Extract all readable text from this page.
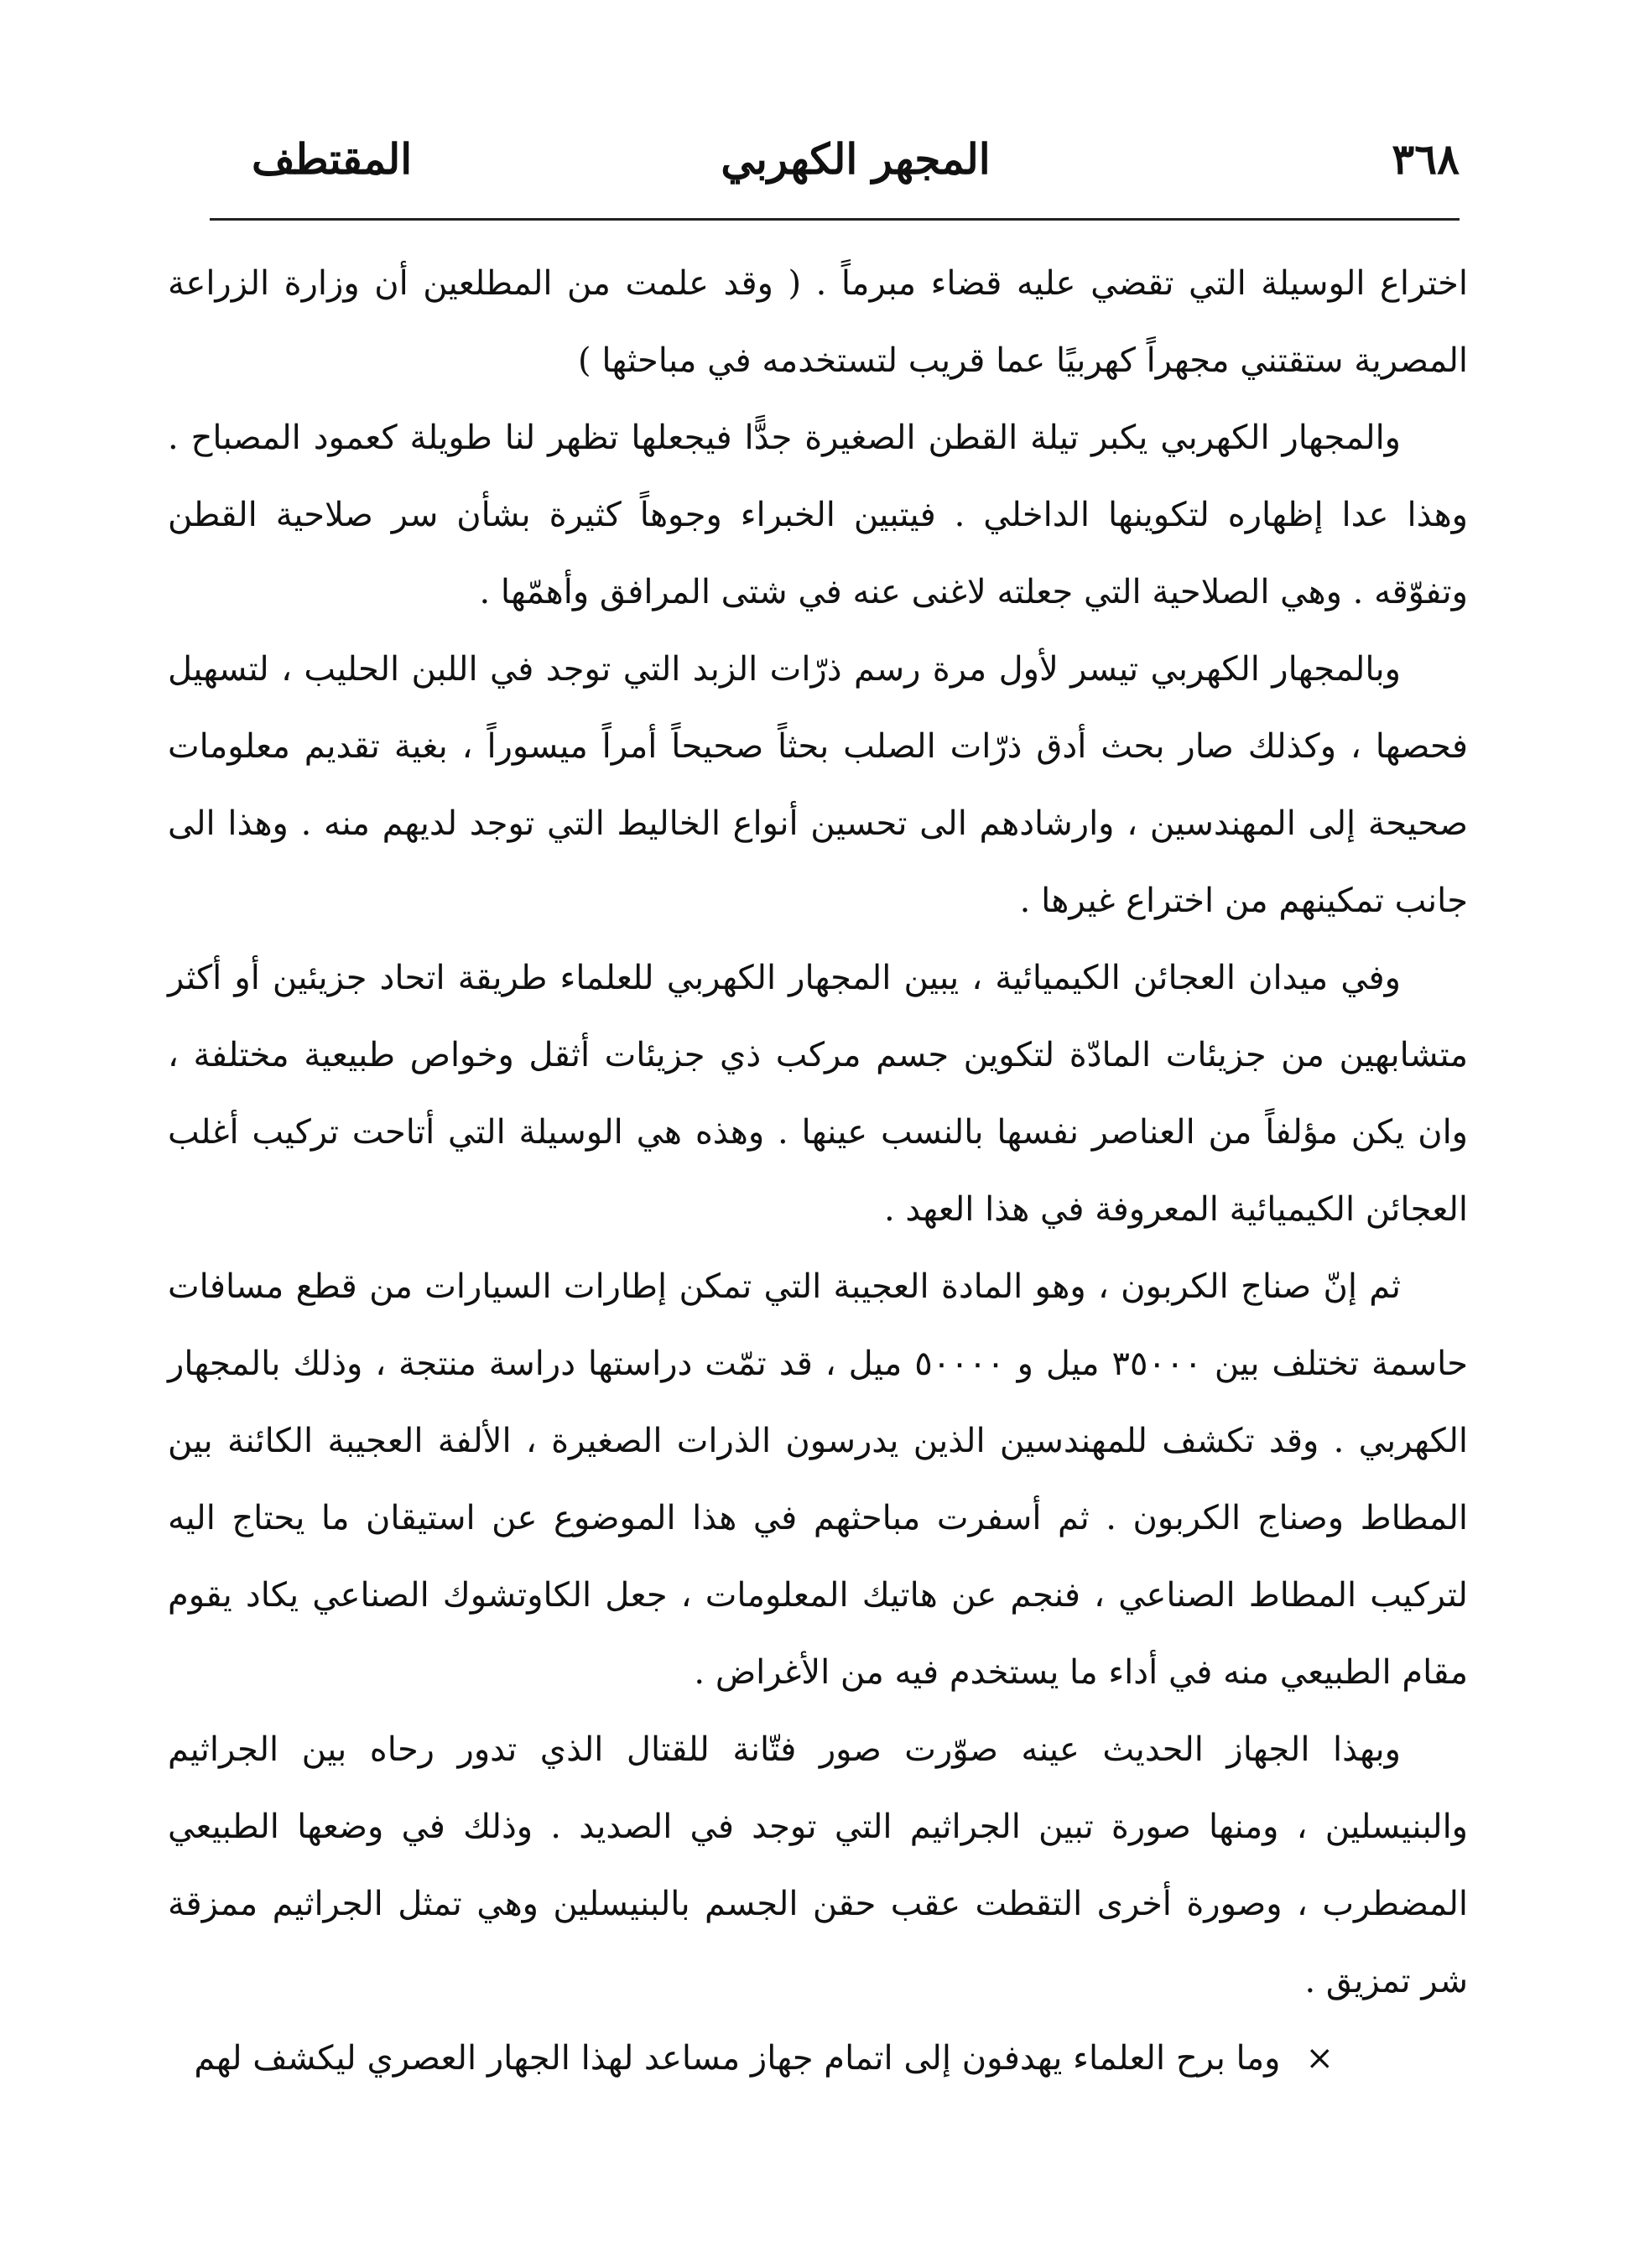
٣٦٨
المجهر الكهربي
المقتطف

اختراع الوسيلة التي تقضي عليه قضاء مبرماً . ( وقد علمت من المطلعين أن وزارة الزراعة المصرية ستقتني مجهراً كهربيًا عما قريب لتستخدمه في مباحثها )

والمجهار الكهربي يكبر تيلة القطن الصغيرة جدًّا فيجعلها تظهر لنا طويلة كعمود المصباح . وهذا عدا إظهاره لتكوينها الداخلي . فيتبين الخبراء وجوهاً كثيرة بشأن سر صلاحية القطن وتفوّقه . وهي الصلاحية التي جعلته لاغنى عنه في شتى المرافق وأهمّها .

وبالمجهار الكهربي تيسر لأول مرة رسم ذرّات الزبد التي توجد في اللبن الحليب ، لتسهيل فحصها ، وكذلك صار بحث أدق ذرّات الصلب بحثاً صحيحاً أمراً ميسوراً ، بغية تقديم معلومات صحيحة إلى المهندسين ، وارشادهم الى تحسين أنواع الخاليط التي توجد لديهم منه . وهذا الى جانب تمكينهم من اختراع غيرها .

وفي ميدان العجائن الكيميائية ، يبين المجهار الكهربي للعلماء طريقة اتحاد جزيئين أو أكثر متشابهين من جزيئات المادّة لتكوين جسم مركب ذي جزيئات أثقل وخواص طبيعية مختلفة ، وان يكن مؤلفاً من العناصر نفسها بالنسب عينها . وهذه هي الوسيلة التي أتاحت تركيب أغلب العجائن الكيميائية المعروفة في هذا العهد .

ثم إنّ صناج الكربون ، وهو المادة العجيبة التي تمكن إطارات السيارات من قطع مسافات حاسمة تختلف بين ٣٥٠٠٠ ميل و ٥٠٠٠٠ ميل ، قد تمّت دراستها دراسة منتجة ، وذلك بالمجهار الكهربي . وقد تكشف للمهندسين الذين يدرسون الذرات الصغيرة ، الألفة العجيبة الكائنة بين المطاط وصناج الكربون . ثم أسفرت مباحثهم في هذا الموضوع عن استيقان ما يحتاج اليه لتركيب المطاط الصناعي ، فنجم عن هاتيك المعلومات ، جعل الكاوتشوك الصناعي يكاد يقوم مقام الطبيعي منه في أداء ما يستخدم فيه من الأغراض .

وبهذا الجهاز الحديث عينه صوّرت صور فتّانة للقتال الذي تدور رحاه بين الجراثيم والبنيسلين ، ومنها صورة تبين الجراثيم التي توجد في الصديد . وذلك في وضعها الطبيعي المضطرب ، وصورة أخرى التقطت عقب حقن الجسم بالبنيسلين وهي تمثل الجراثيم ممزقة شر تمزيق .

×وما برح العلماء يهدفون إلى اتمام جهاز مساعد لهذا الجهار العصري ليكشف لهم
